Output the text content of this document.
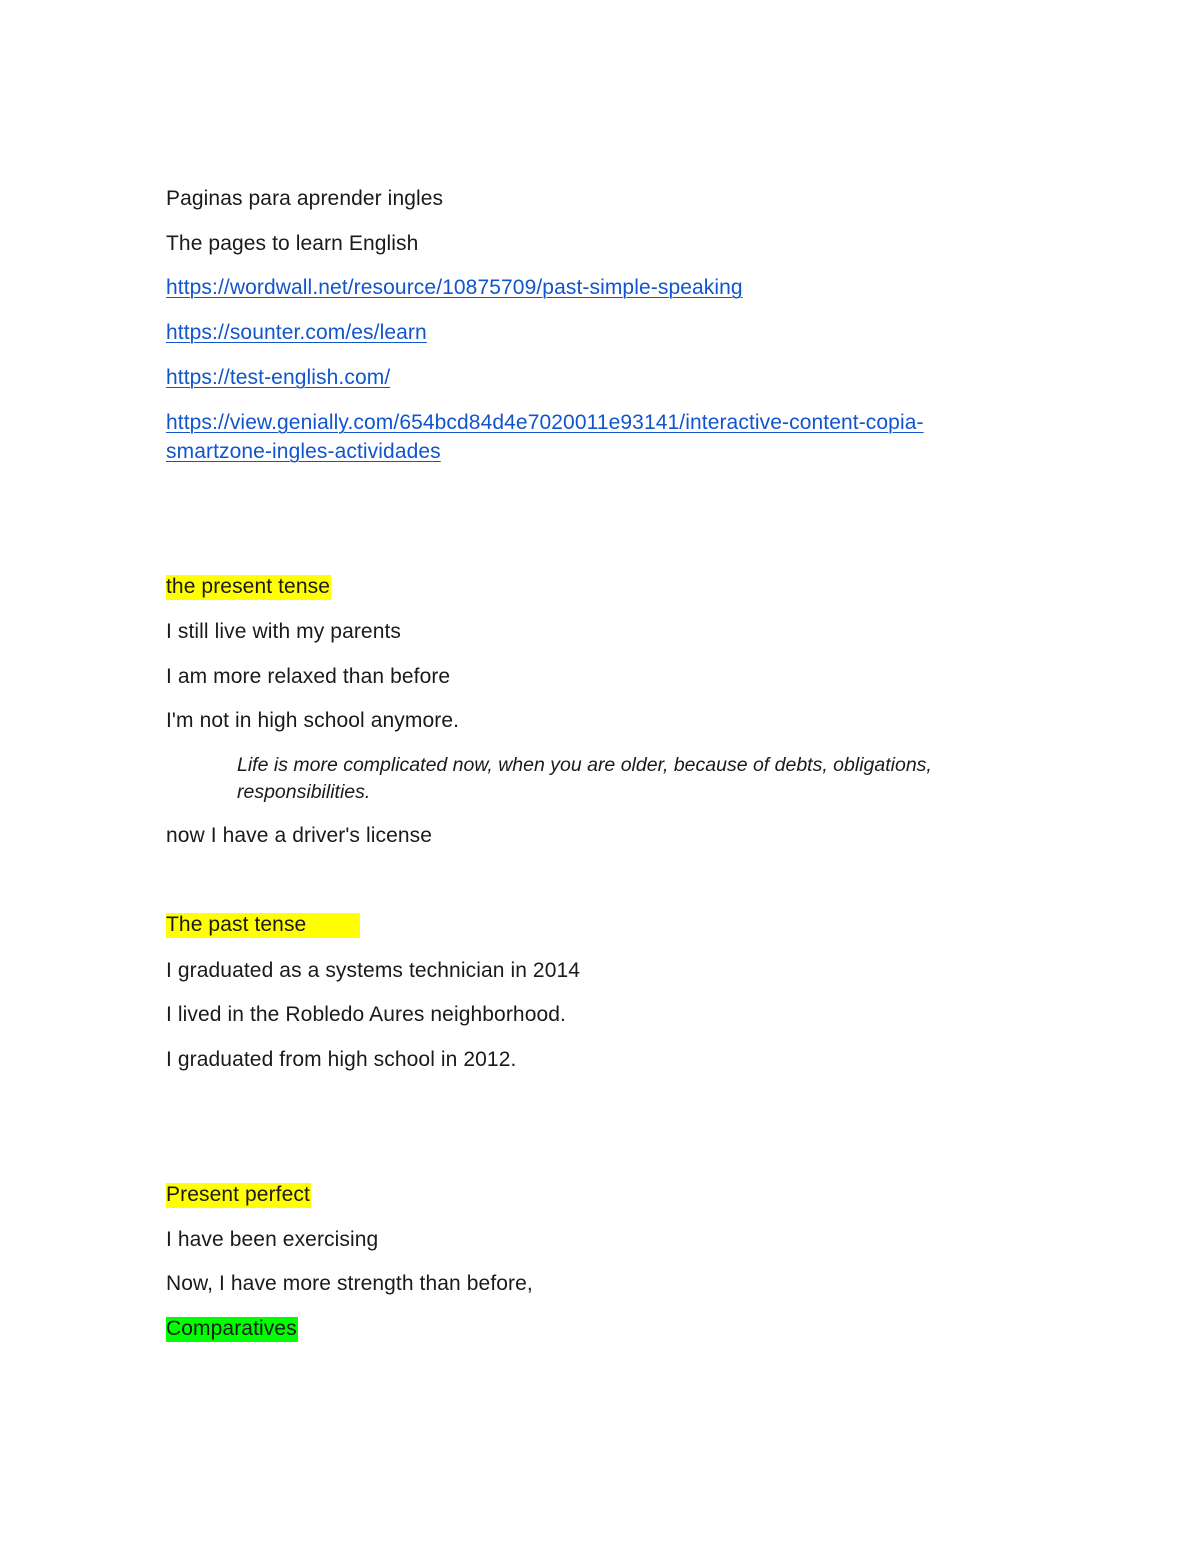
Paginas para aprender ingles
The pages to learn English
https://wordwall.net/resource/10875709/past-simple-speaking
https://sounter.com/es/learn
https://test-english.com/
https://view.genially.com/654bcd84d4e7020011e93141/interactive-content-copia-
smartzone-ingles-actividades
the present tense
I still live with my parents
I am more relaxed than before
I'm not in high school anymore.
Life is more complicated now, when you are older, because of debts, obligations,
responsibilities.
now I have a driver's license
The past tense
I graduated as a systems technician in 2014
I lived in the Robledo Aures neighborhood.
I graduated from high school in 2012.
Present perfect
I have been exercising
Now, I have more strength than before,
Comparatives
